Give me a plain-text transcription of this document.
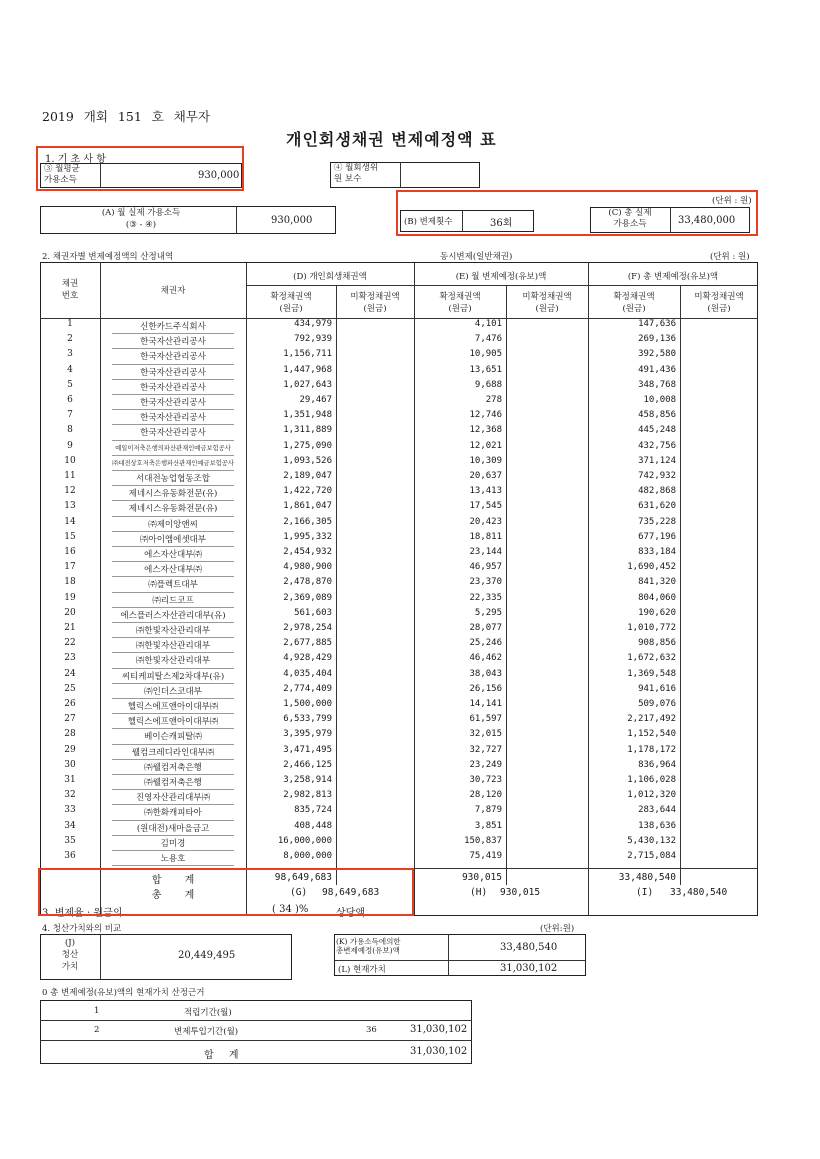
2019 개회 151 호 채무자
개인회생채권 변제예정액 표
1. 기 초 사 항
③ 월평균
가용소득	930,000
④ 월회생위
원 보수
(단위 : 원)
(A) 월 실제 가용소득
(③ - ④)	930,000	(B) 변제횟수	36회
(C) 총 실제
가용소득	33,480,000
2. 채권자별 변제예정액의 산정내역	동시변제(일반채권)	(단위 : 원)
채권
번호	채권자
(D) 개인회생채권액	(E) 월 변제예정(유보)액	(F) 총 변제예정(유보)액
확정채권액
(원금)
미확정채권액
(원금)
확정채권액
(원금)
미확정채권액
(원금)
확정채권액
(원금)
미확정채권액
(원금)
1	신한카드주식회사	434,979	4,101	147,636
2	한국자산관리공사	792,939	7,476	269,136
3	한국자산관리공사	1,156,711	10,905	392,580
4	한국자산관리공사	1,447,968	13,651	491,436
5	한국자산관리공사	1,027,643	9,688	348,768
6	한국자산관리공사	29,467	278	10,008
7	한국자산관리공사	1,351,948	12,746	458,856
8	한국자산관리공사	1,311,889	12,368	445,248
9	예일이저축은행의파산관재인예금보험공사	1,275,090	12,021	432,756
10	㈜대전상호저축은행파산관재인예금보험공사	1,093,526	10,309	371,124
11	서대전농업협동조합	2,189,047	20,637	742,932
12	제네시스유동화전문(유)	1,422,720	13,413	482,868
13	제네시스유동화전문(유)	1,861,047	17,545	631,620
14	㈜제이앙앤씨	2,166,305	20,423	735,228
15	㈜아이엠에셋대부	1,995,332	18,811	677,196
16	에스자산대부㈜	2,454,932	23,144	833,184
17	에스자산대부㈜	4,980,900	46,957	1,690,452
18	㈜플렉트대부	2,478,870	23,370	841,320
19	㈜리드코프	2,369,089	22,335	804,060
20	에스플러스자산관리대부(유)	561,603	5,295	190,620
21	㈜한빛자산관리대부	2,978,254	28,077	1,010,772
22	㈜한빛자산관리대부	2,677,885	25,246	908,856
23	㈜한빛자산관리대부	4,928,429	46,462	1,672,632
24	씨티케피탈스제2차대부(유)	4,035,404	38,043	1,369,548
25	㈜인더스코대부	2,774,409	26,156	941,616
26	헬릭스에프앤아이대부㈜	1,500,000	14,141	509,076
27	헬릭스에프앤아이대부㈜	6,533,799	61,597	2,217,492
28	베이슨캐피탈㈜	3,395,979	32,015	1,152,540
29	웰컴크레디라인대부㈜	3,471,495	32,727	1,178,172
30	㈜웰컴저축은행	2,466,125	23,249	836,964
31	㈜웰컴저축은행	3,258,914	30,723	1,106,028
32	진영자산관리대부㈜	2,982,813	28,120	1,012,320
33	㈜한화캐피타아	835,724	7,879	283,644
34	(원대전)새마을금고	408,448	3,851	138,636
35	김미경	16,000,000	150,837	5,430,132
36	노용호	8,000,000	75,419	2,715,084
합 계	98,649,683	930,015	33,480,540
총 계	(G) 98,649,683	(H) 930,015	(I) 33,480,540
3. 변제율 : 원금의	( 34 )%	상당액
4. 청산가치와의 비교	(단위:원)
(J)
청산
가치
20,449,495
(K) 가용소득에의한
총변제예정(유보)액	33,480,540
(L) 현재가치	31,030,102
0 총 변제예정(유보)액의 현재가치 산정근거
1	적립기간(월)
2	변제투입기간(월)	36	31,030,102
합 계	31,030,102
